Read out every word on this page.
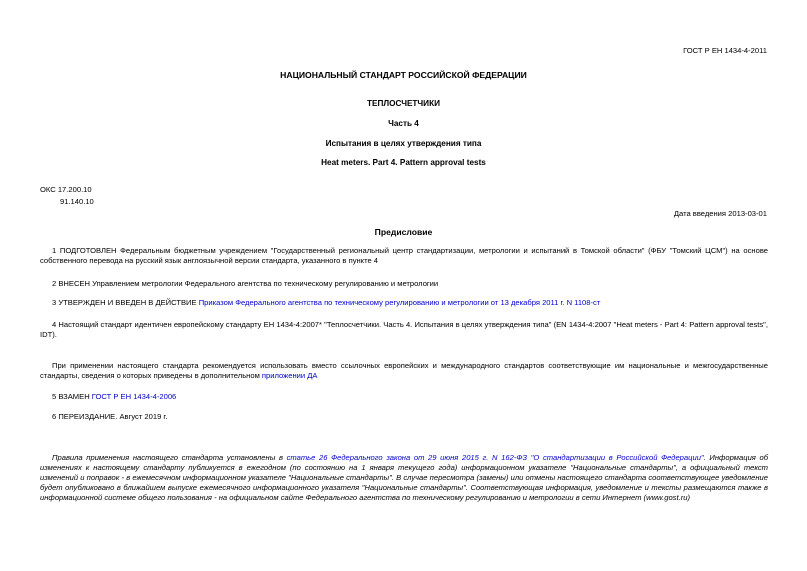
ГОСТ Р ЕН 1434-4-2011
НАЦИОНАЛЬНЫЙ СТАНДАРТ РОССИЙСКОЙ ФЕДЕРАЦИИ
ТЕПЛОСЧЕТЧИКИ
Часть 4
Испытания в целях утверждения типа
Heat meters. Part 4. Pattern approval tests
ОКС 17.200.10
91.140.10
Дата введения 2013-03-01
Предисловие
1 ПОДГОТОВЛЕН Федеральным бюджетным учреждением "Государственный региональный центр стандартизации, метрологии и испытаний в Томской области" (ФБУ "Томский ЦСМ") на основе собственного перевода на русский язык англоязычной версии стандарта, указанного в пункте 4
2 ВНЕСЕН Управлением метрологии Федерального агентства по техническому регулированию и метрологии
3 УТВЕРЖДЕН И ВВЕДЕН В ДЕЙСТВИЕ Приказом Федерального агентства по техническому регулированию и метрологии от 13 декабря 2011 г. N 1108-ст
4 Настоящий стандарт идентичен европейскому стандарту ЕН 1434-4:2007* "Теплосчетчики. Часть 4. Испытания в целях утверждения типа" (EN 1434-4:2007 "Heat meters - Part 4: Pattern approval tests", IDT).
При применении настоящего стандарта рекомендуется использовать вместо ссылочных европейских и международного стандартов соответствующие им национальные и межгосударственные стандарты, сведения о которых приведены в дополнительном приложении ДА
5 ВЗАМЕН ГОСТ Р ЕН 1434-4-2006
6 ПЕРЕИЗДАНИЕ. Август 2019 г.
Правила применения настоящего стандарта установлены в статье 26 Федерального закона от 29 июня 2015 г. N 162-ФЗ "О стандартизации в Российской Федерации". Информация об изменениях к настоящему стандарту публикуется в ежегодном (по состоянию на 1 января текущего года) информационном указателе "Национальные стандарты", а официальный текст изменений и поправок - в ежемесячном информационном указателе "Национальные стандарты". В случае пересмотра (замены) или отмены настоящего стандарта соответствующее уведомление будет опубликовано в ближайшем выпуске ежемесячного информационного указателя "Национальные стандарты". Соответствующая информация, уведомление и тексты размещаются также в информационной системе общего пользования - на официальном сайте Федерального агентства по техническому регулированию и метрологии в сети Интернет (www.gost.ru)
